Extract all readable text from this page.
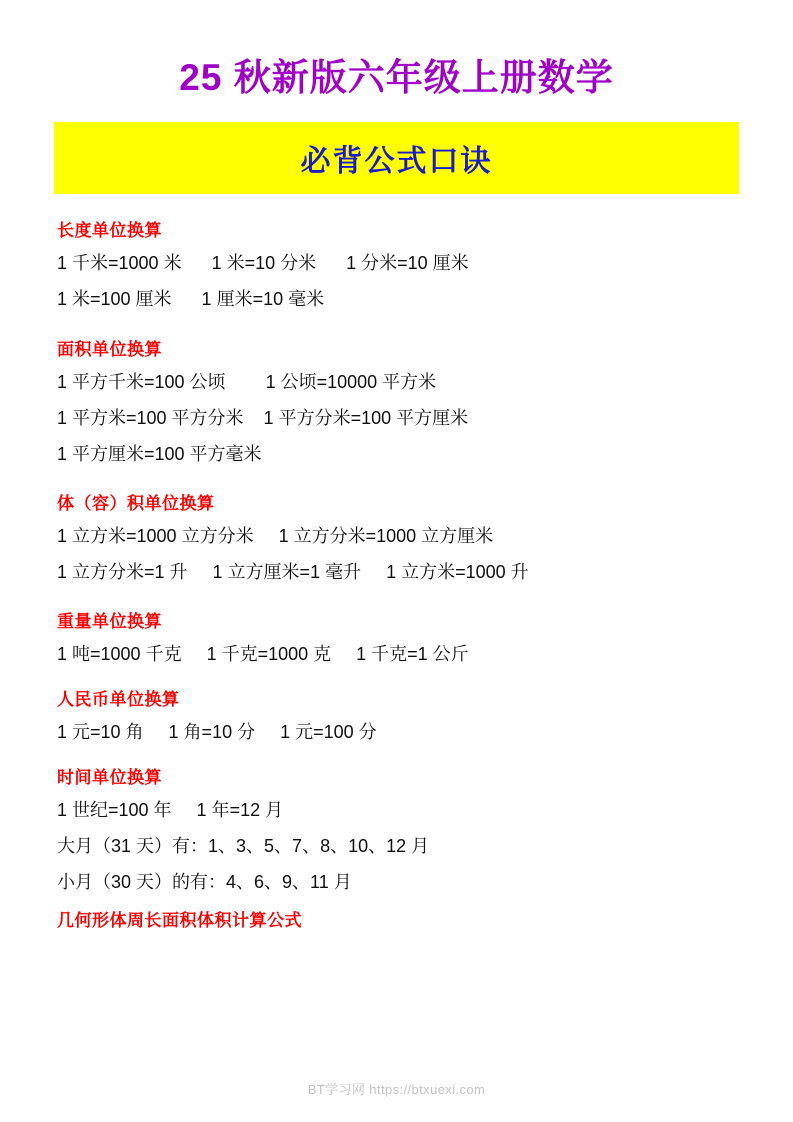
25 秋新版六年级上册数学
必背公式口诀
长度单位换算
1 千米=1000 米      1 米=10 分米      1 分米=10 厘米
1 米=100 厘米      1 厘米=10 毫米
面积单位换算
1 平方千米=100 公顷        1 公顷=10000 平方米
1 平方米=100 平方分米    1 平方分米=100 平方厘米
1 平方厘米=100 平方毫米
体（容）积单位换算
1 立方米=1000 立方分米     1 立方分米=1000 立方厘米
1 立方分米=1 升     1 立方厘米=1 毫升     1 立方米=1000 升
重量单位换算
1 吨=1000 千克     1 千克=1000 克     1 千克=1 公斤
人民币单位换算
1 元=10 角     1 角=10 分     1 元=100 分
时间单位换算
1 世纪=100 年     1 年=12 月
大月（31 天）有：1、3、5、7、8、10、12 月
小月（30 天）的有：4、6、9、11 月
几何形体周长面积体积计算公式
BT学习网 https://btxuexi.com
